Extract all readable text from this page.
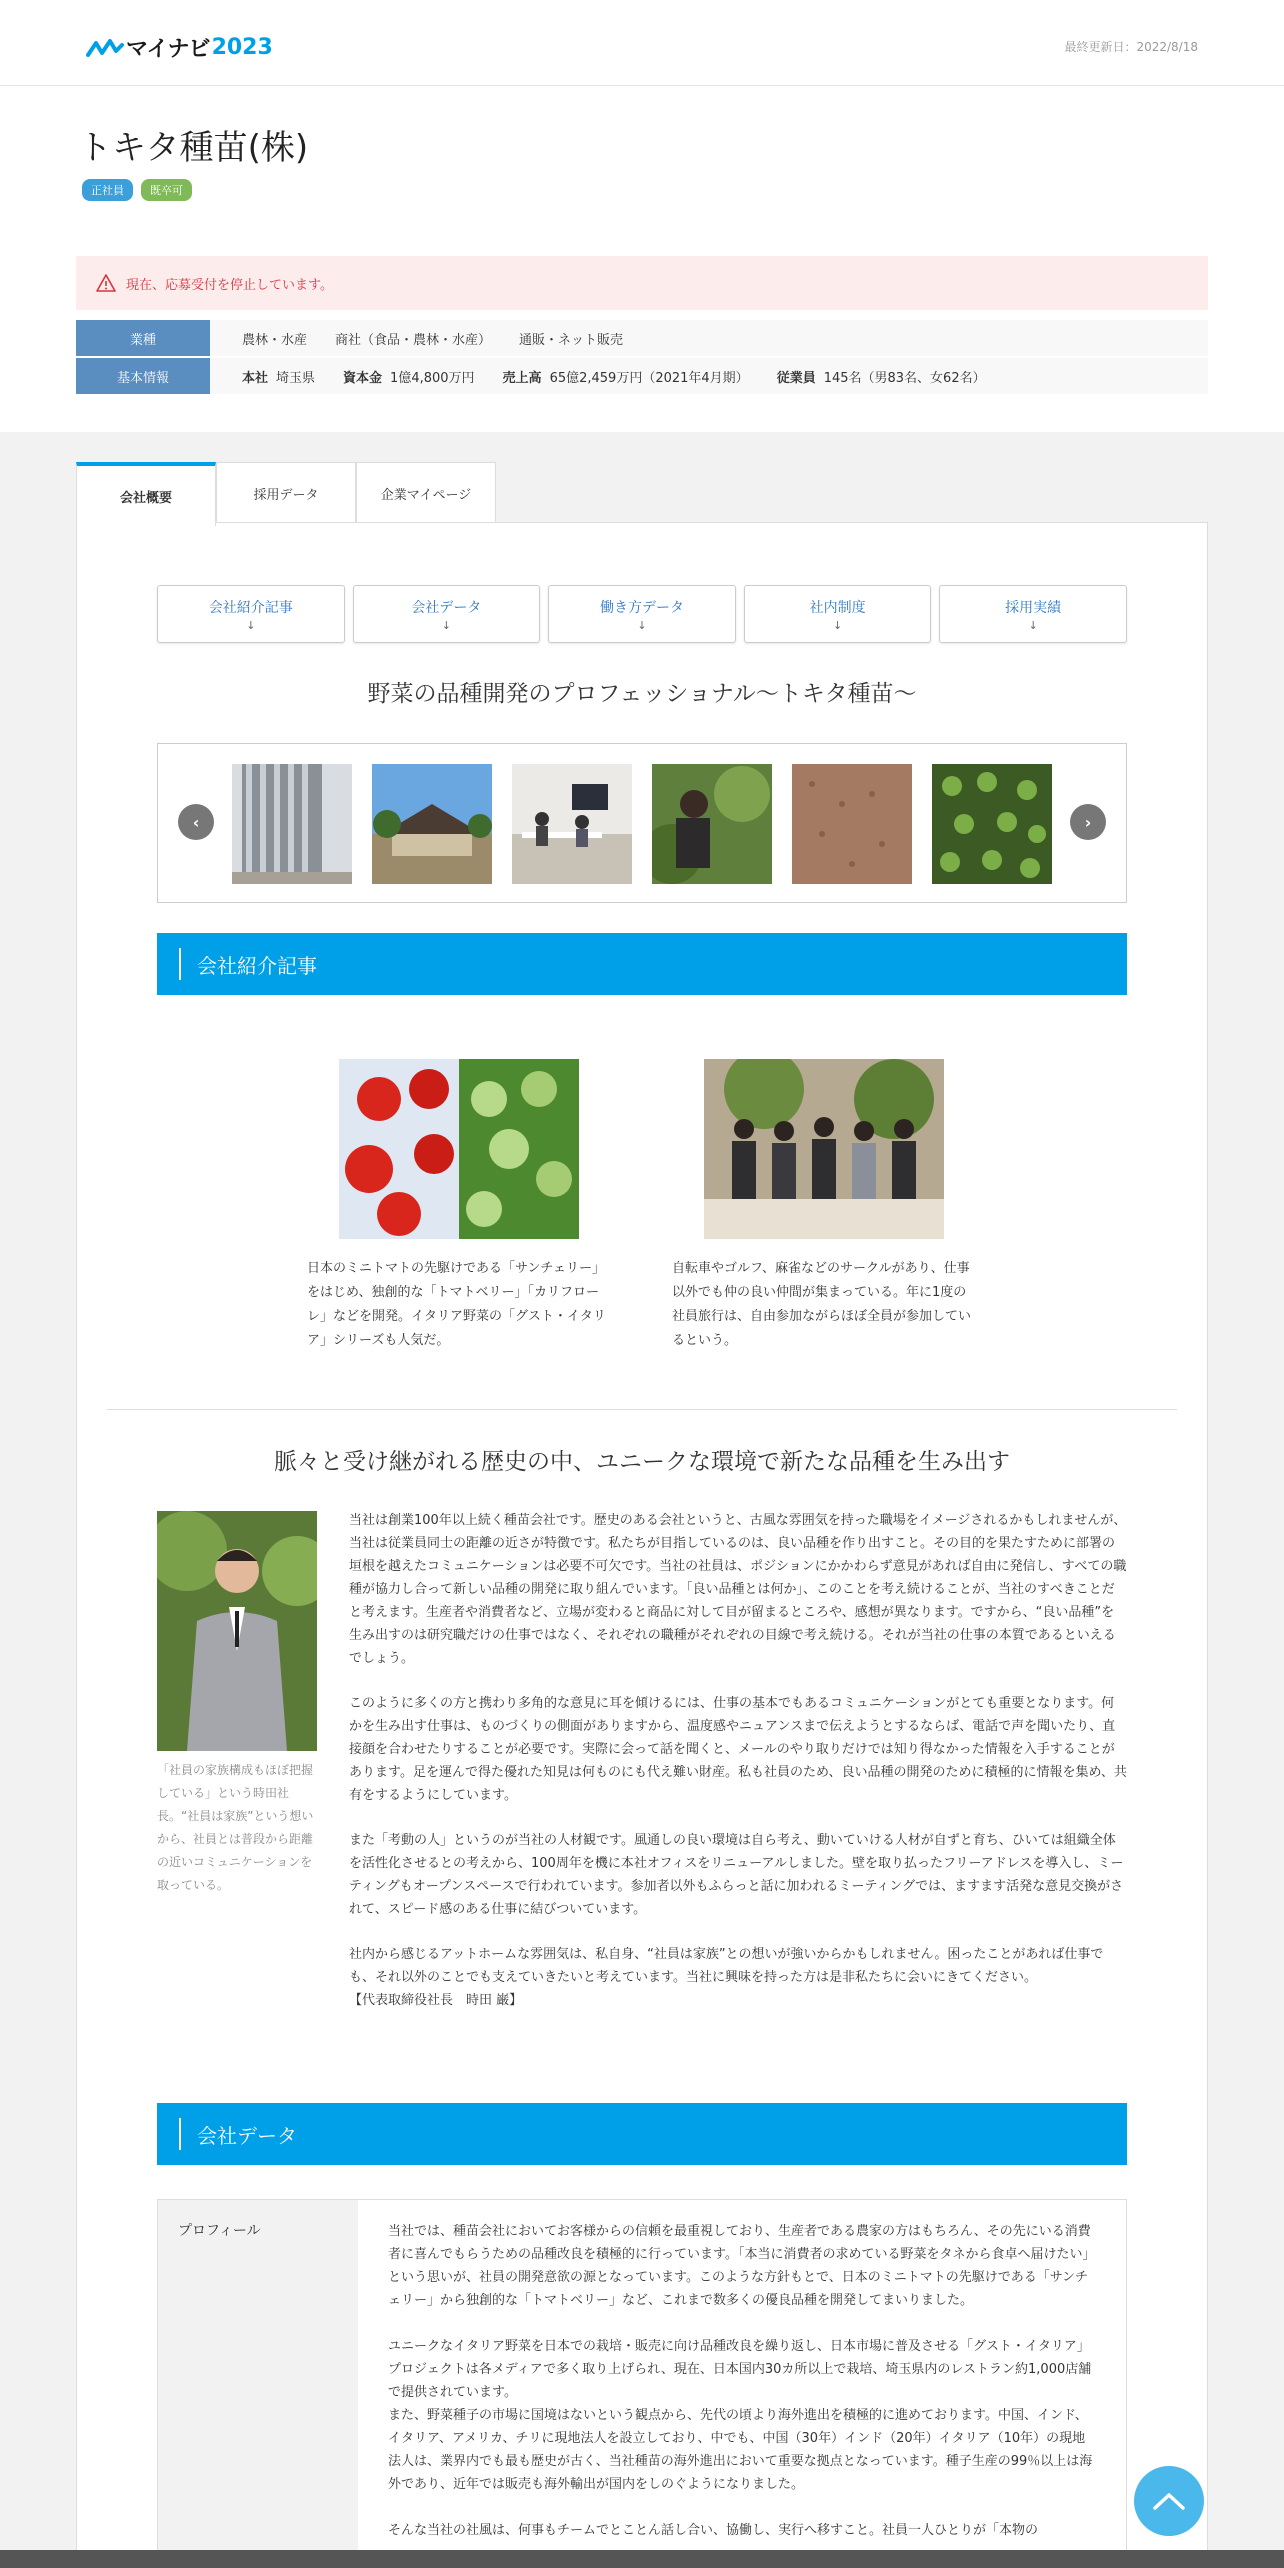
マイナビ 2023	最終更新日：2022/8/18
トキタ種苗(株)
正社員	既卒可
現在、応募受付を停止しています。
業種	農林・水産 商社（食品・農林・水産） 通販・ネット販売
基本情報	本社 埼玉県 資本金 1億4,800万円 売上高 65億2,459万円（2021年4月期） 従業員 145名（男83名、女62名）
会社概要	採用データ	企業マイページ
会社紹介記事
↓
会社データ
↓
働き方データ
↓
社内制度
↓
採用実績
↓
野菜の品種開発のプロフェッショナル～トキタ種苗～
‹	›
会社紹介記事

日本のミニトマトの先駆けである「サンチェリー」をはじめ、独創的な「トマトベリー」「カリフローレ」などを開発。イタリア野菜の「グスト・イタリア」シリーズも人気だ。

自転車やゴルフ、麻雀などのサークルがあり、仕事以外でも仲の良い仲間が集まっている。年に1度の社員旅行は、自由参加ながらほぼ全員が参加しているという。

脈々と受け継がれる歴史の中、ユニークな環境で新たな品種を生み出す
「社員の家族構成もほぼ把握している」という時田社長。“社員は家族”という想いから、社員とは普段から距離の近いコミュニケーションを取っている。

当社は創業100年以上続く種苗会社です。歴史のある会社というと、古風な雰囲気を持った職場をイメージされるかもしれませんが、当社は従業員同士の距離の近さが特徴です。私たちが目指しているのは、良い品種を作り出すこと。その目的を果たすために部署の垣根を越えたコミュニケーションは必要不可欠です。当社の社員は、ポジションにかかわらず意見があれば自由に発信し、すべての職種が協力し合って新しい品種の開発に取り組んでいます。「良い品種とは何か」、このことを考え続けることが、当社のすべきことだと考えます。生産者や消費者など、立場が変わると商品に対して目が留まるところや、感想が異なります。ですから、“良い品種”を生み出すのは研究職だけの仕事ではなく、それぞれの職種がそれぞれの目線で考え続ける。それが当社の仕事の本質であるといえるでしょう。

このように多くの方と携わり多角的な意見に耳を傾けるには、仕事の基本でもあるコミュニケーションがとても重要となります。何かを生み出す仕事は、ものづくりの側面がありますから、温度感やニュアンスまで伝えようとするならば、電話で声を聞いたり、直接顔を合わせたりすることが必要です。実際に会って話を聞くと、メールのやり取りだけでは知り得なかった情報を入手することがあります。足を運んで得た優れた知見は何ものにも代え難い財産。私も社員のため、良い品種の開発のために積極的に情報を集め、共有をするようにしています。

また「考動の人」というのが当社の人材観です。風通しの良い環境は自ら考え、動いていける人材が自ずと育ち、ひいては組織全体を活性化させるとの考えから、100周年を機に本社オフィスをリニューアルしました。壁を取り払ったフリーアドレスを導入し、ミーティングもオープンスペースで行われています。参加者以外もふらっと話に加われるミーティングでは、ますます活発な意見交換がされて、スピード感のある仕事に結びついています。

社内から感じるアットホームな雰囲気は、私自身、“社員は家族”との想いが強いからかもしれません。困ったことがあれば仕事でも、それ以外のことでも支えていきたいと考えています。当社に興味を持った方は是非私たちに会いにきてください。

【代表取締役社長　時田 巌】

会社データ
プロフィール	当社では、種苗会社においてお客様からの信頼を最重視しており、生産者である農家の方はもちろん、その先にいる消費者に喜んでもらうための品種改良を積極的に行っています。「本当に消費者の求めている野菜をタネから食卓へ届けたい」という思いが、社員の開発意欲の源となっています。このような方針もとで、日本のミニトマトの先駆けである「サンチェリー」から独創的な「トマトベリー」など、これまで数多くの優良品種を開発してまいりました。

ユニークなイタリア野菜を日本での栽培・販売に向け品種改良を繰り返し、日本市場に普及させる「グスト・イタリア」プロジェクトは各メディアで多く取り上げられ、現在、日本国内30カ所以上で栽培、埼玉県内のレストラン約1,000店舗で提供されています。

また、野菜種子の市場に国境はないという観点から、先代の頃より海外進出を積極的に進めております。中国、インド、イタリア、アメリカ、チリに現地法人を設立しており、中でも、中国（30年）インド（20年）イタリア（10年）の現地法人は、業界内でも最も歴史が古く、当社種苗の海外進出において重要な拠点となっています。種子生産の99％以上は海外であり、近年では販売も海外輸出が国内をしのぐようになりました。

そんな当社の社風は、何事もチームでとことん話し合い、協働し、実行へ移すこと。社員一人ひとりが「本物の
